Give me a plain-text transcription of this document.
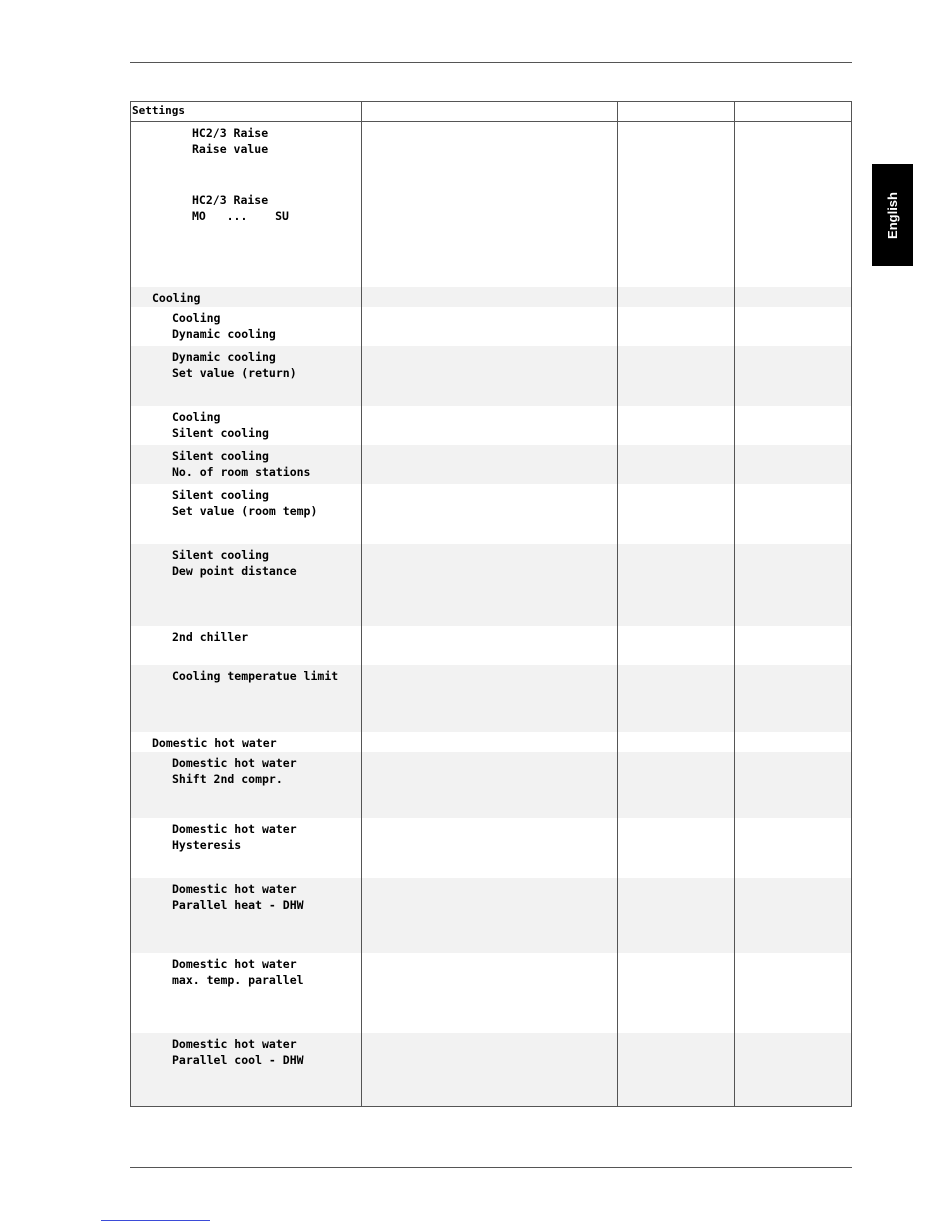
English
Settings
HC2/3 Raise
Raise value
HC2/3 Raise
MO   ...    SU
Cooling
Cooling
Dynamic cooling
Dynamic cooling
Set value (return)
Cooling
Silent cooling
Silent cooling
No. of room stations
Silent cooling
Set value (room temp)
Silent cooling
Dew point distance
2nd chiller
Cooling temperatue limit
Domestic hot water
Domestic hot water
Shift 2nd compr.
Domestic hot water
Hysteresis
Domestic hot water
Parallel heat - DHW
Domestic hot water
max. temp. parallel
Domestic hot water
Parallel cool - DHW
